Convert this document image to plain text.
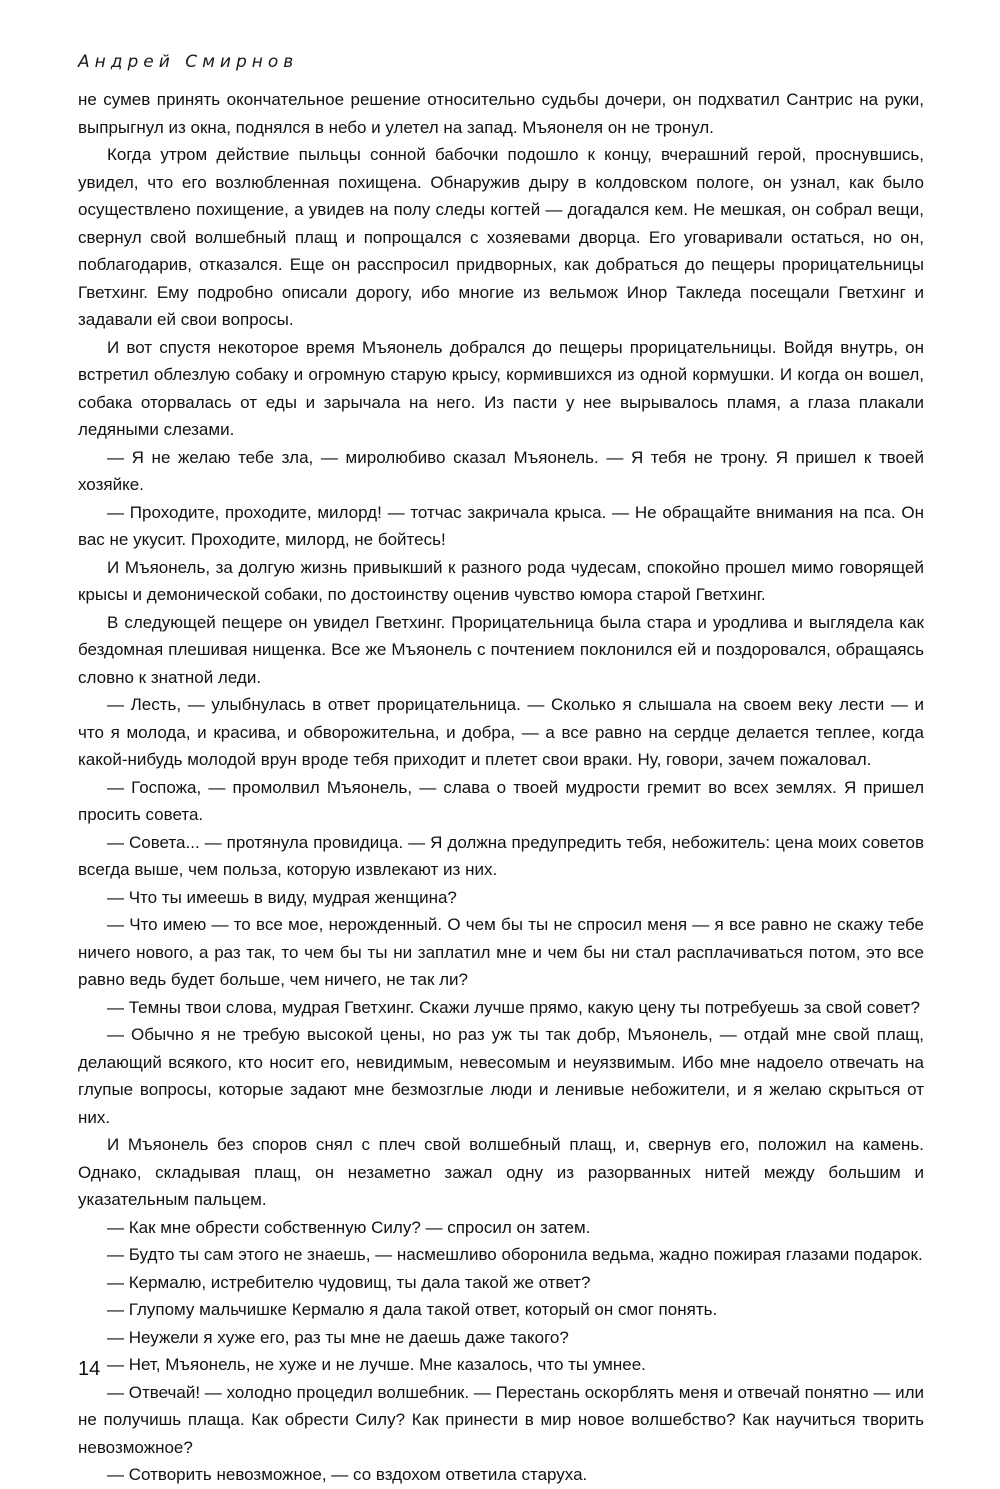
Андрей Смирнов

не сумев принять окончательное решение относительно судьбы дочери, он подхватил Сантрис на руки, выпрыгнул из окна, поднялся в небо и улетел на запад. Мъяонеля он не тронул.

Когда утром действие пыльцы сонной бабочки подошло к концу, вчерашний герой, проснувшись, увидел, что его возлюбленная похищена. Обнаружив дыру в колдовском пологе, он узнал, как было осуществлено похищение, а увидев на полу следы когтей — догадался кем. Не мешкая, он собрал вещи, свернул свой волшебный плащ и попрощался с хозяевами дворца. Его уговаривали остаться, но он, поблагодарив, отказался. Еще он расспросил придворных, как добраться до пещеры прорицательницы Гветхинг. Ему подробно описали дорогу, ибо многие из вельмож Инор Такледа посещали Гветхинг и задавали ей свои вопросы.

И вот спустя некоторое время Мъяонель добрался до пещеры прорицательницы. Войдя внутрь, он встретил облезлую собаку и огромную старую крысу, кормившихся из одной кормушки. И когда он вошел, собака оторвалась от еды и зарычала на него. Из пасти у нее вырывалось пламя, а глаза плакали ледяными слезами.

— Я не желаю тебе зла, — миролюбиво сказал Мъяонель. — Я тебя не трону. Я пришел к твоей хозяйке.

— Проходите, проходите, милорд! — тотчас закричала крыса. — Не обращайте внимания на пса. Он вас не укусит. Проходите, милорд, не бойтесь!

И Мъяонель, за долгую жизнь привыкший к разного рода чудесам, спокойно прошел мимо говорящей крысы и демонической собаки, по достоинству оценив чувство юмора старой Гветхинг.

В следующей пещере он увидел Гветхинг. Прорицательница была стара и уродлива и выглядела как бездомная плешивая нищенка. Все же Мъяонель с почтением поклонился ей и поздоровался, обращаясь словно к знатной леди.

— Лесть, — улыбнулась в ответ прорицательница. — Сколько я слышала на своем веку лести — и что я молода, и красива, и обворожительна, и добра, — а все равно на сердце делается теплее, когда какой-нибудь молодой врун вроде тебя приходит и плетет свои враки. Ну, говори, зачем пожаловал.

— Госпожа, — промолвил Мъяонель, — слава о твоей мудрости гремит во всех землях. Я пришел просить совета.

— Совета... — протянула провидица. — Я должна предупредить тебя, небожитель: цена моих советов всегда выше, чем польза, которую извлекают из них.

— Что ты имеешь в виду, мудрая женщина?

— Что имею — то все мое, нерожденный. О чем бы ты не спросил меня — я все равно не скажу тебе ничего нового, а раз так, то чем бы ты ни заплатил мне и чем бы ни стал расплачиваться потом, это все равно ведь будет больше, чем ничего, не так ли?

— Темны твои слова, мудрая Гветхинг. Скажи лучше прямо, какую цену ты потребуешь за свой совет?

— Обычно я не требую высокой цены, но раз уж ты так добр, Мъяонель, — отдай мне свой плащ, делающий всякого, кто носит его, невидимым, невесомым и неуязвимым. Ибо мне надоело отвечать на глупые вопросы, которые задают мне безмозглые люди и ленивые небожители, и я желаю скрыться от них.

И Мъяонель без споров снял с плеч свой волшебный плащ, и, свернув его, положил на камень. Однако, складывая плащ, он незаметно зажал одну из разорванных нитей между большим и указательным пальцем.

— Как мне обрести собственную Силу? — спросил он затем.

— Будто ты сам этого не знаешь, — насмешливо оборонила ведьма, жадно пожирая глазами подарок.

— Кермалю, истребителю чудовищ, ты дала такой же ответ?

— Глупому мальчишке Кермалю я дала такой ответ, который он смог понять.

— Неужели я хуже его, раз ты мне не даешь даже такого?

— Нет, Мъяонель, не хуже и не лучше. Мне казалось, что ты умнее.

— Отвечай! — холодно процедил волшебник. — Перестань оскорблять меня и отвечай понятно — или не получишь плаща. Как обрести Силу? Как принести в мир новое волшебство? Как научиться творить невозможное?

— Сотворить невозможное, — со вздохом ответила старуха.

14
